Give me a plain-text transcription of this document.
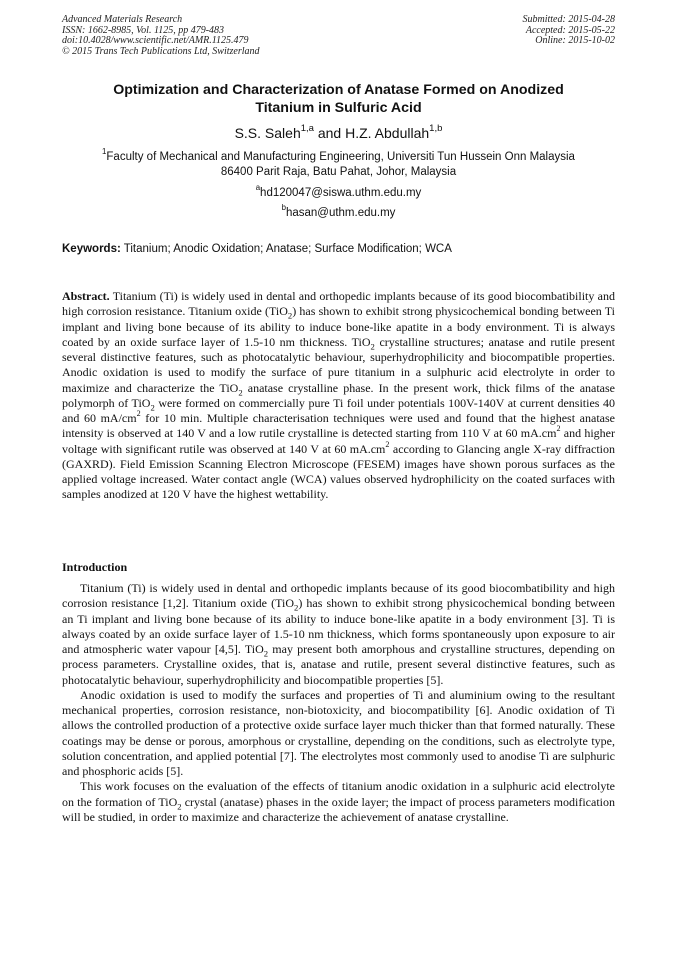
Advanced Materials Research
ISSN: 1662-8985, Vol. 1125, pp 479-483
doi:10.4028/www.scientific.net/AMR.1125.479
© 2015 Trans Tech Publications Ltd, Switzerland
Submitted: 2015-04-28
Accepted: 2015-05-22
Online: 2015-10-02
Optimization and Characterization of Anatase Formed on Anodized
Titanium in Sulfuric Acid
S.S. Saleh$^{1,a}$ and H.Z. Abdullah$^{1,b}$
$^1$Faculty of Mechanical and Manufacturing Engineering, Universiti Tun Hussein Onn Malaysia
86400 Parit Raja, Batu Pahat, Johor, Malaysia
$^a$hd120047@siswa.uthm.edu.my
$^b$hasan@uthm.edu.my
Keywords: Titanium; Anodic Oxidation; Anatase; Surface Modification; WCA

Abstract. Titanium (Ti) is widely used in dental and orthopedic implants because of its good biocombatibility and high corrosion resistance. Titanium oxide (TiO$_2$) has shown to exhibit strong physicochemical bonding between Ti implant and living bone because of its ability to induce bone-like apatite in a body environment. Ti is always coated by an oxide surface layer of 1.5-10 nm thickness. TiO$_2$ crystalline structures; anatase and rutile present several distinctive features, such as photocatalytic behaviour, superhydrophilicity and biocompatible properties. Anodic oxidation is used to modify the surface of pure titanium in a sulphuric acid electrolyte in order to maximize and characterize the TiO$_2$ anatase crystalline phase. In the present work, thick films of the anatase polymorph of TiO$_2$ were formed on commercially pure Ti foil under potentials 100V-140V at current densities 40 and 60 $mA/cm^2$ for 10 min. Multiple characterisation techniques were used and found that the highest anatase intensity is observed at 140 V and a low rutile crystalline is detected starting from 110 V at 60 $mA.cm^2$ and higher voltage with significant rutile was observed at 140 V at 60 $mA.cm^2$ according to Glancing angle X-ray diffraction (GAXRD). Field Emission Scanning Electron Microscope (FESEM) images have shown porous surfaces as the applied voltage increased. Water contact angle (WCA) values observed hydrophilicity on the coated surfaces with samples anodized at 120 V have the highest wettability.

Introduction

Titanium (Ti) is widely used in dental and orthopedic implants because of its good biocombatibility and high corrosion resistance [1,2]. Titanium oxide (TiO$_2$) has shown to exhibit strong physicochemical bonding between an Ti implant and living bone because of its ability to induce bone-like apatite in a body environment [3]. Ti is always coated by an oxide surface layer of 1.5-10 nm thickness, which forms spontaneously upon exposure to air and atmospheric water vapour [4,5]. TiO$_2$ may present both amorphous and crystalline structures, depending on process parameters. Crystalline oxides, that is, anatase and rutile, present several distinctive features, such as photocatalytic behaviour, superhydrophilicity and biocompatible properties [5].

Anodic oxidation is used to modify the surfaces and properties of Ti and aluminium owing to the resultant mechanical properties, corrosion resistance, non-biotoxicity, and biocompatibility [6]. Anodic oxidation of Ti allows the controlled production of a protective oxide surface layer much thicker than that formed naturally. These coatings may be dense or porous, amorphous or crystalline, depending on the conditions, such as electrolyte type, solution concentration, and applied potential [7]. The electrolytes most commonly used to anodise Ti are sulphuric and phosphoric acids [5].

This work focuses on the evaluation of the effects of titanium anodic oxidation in a sulphuric acid electrolyte on the formation of TiO$_2$ crystal (anatase) phases in the oxide layer; the impact of process parameters modification will be studied, in order to maximize and characterize the achievement of anatase crystalline.
